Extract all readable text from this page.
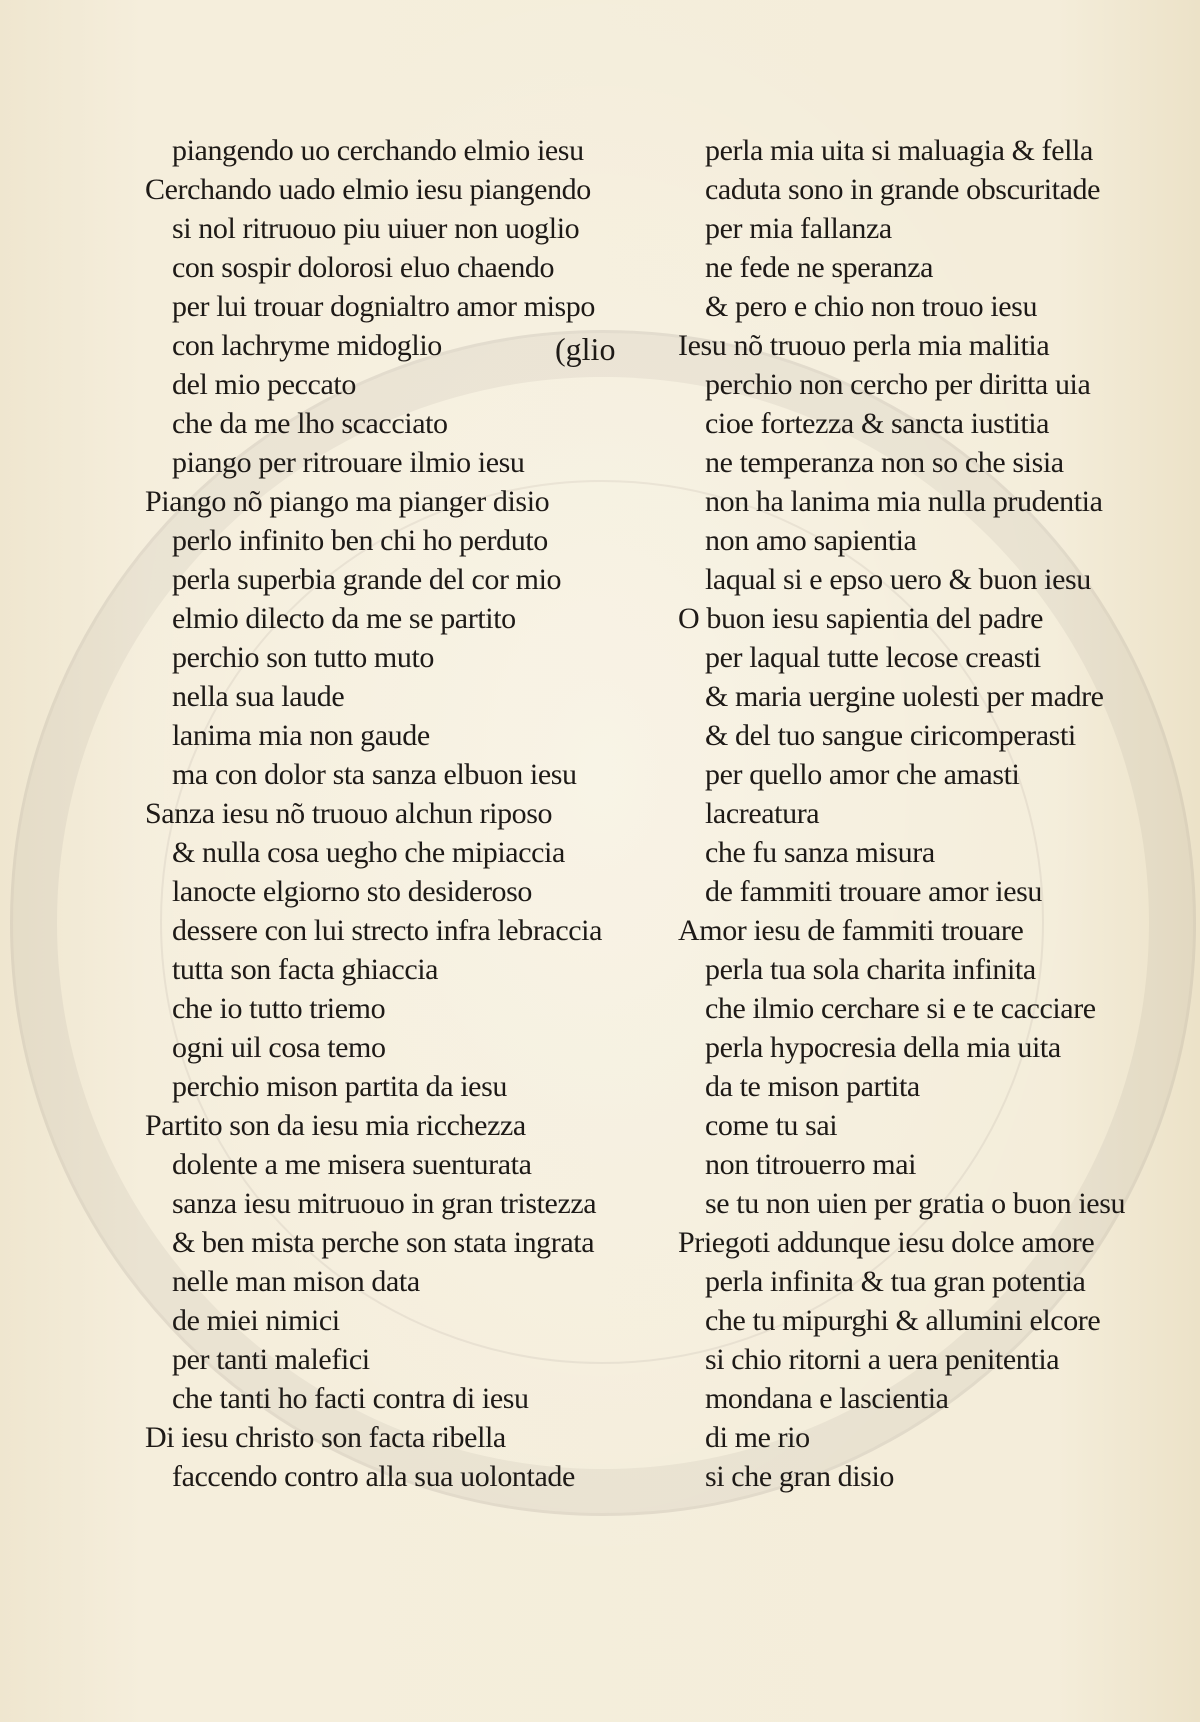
piangendo uo cerchando elmio iesu
Cerchando uado elmio iesu piangendo
si nol ritruouo piu uiuer non uoglio
con sospir dolorosi eluo chaendo
per lui trouar dognialtro amor mispo
con lachryme midoglio
del mio peccato
che da me lho scacciato
piango per ritrouare ilmio iesu
Piango nõ piango ma pianger disio
perlo infinito ben chi ho perduto
perla superbia grande del cor mio
elmio dilecto da me se partito
perchio son tutto muto
nella sua laude
lanima mia non gaude
ma con dolor sta sanza elbuon iesu
Sanza iesu nõ truouo alchun riposo
& nulla cosa uegho che mipiaccia
lanocte elgiorno sto desideroso
dessere con lui strecto infra lebraccia
tutta son facta ghiaccia
che io tutto triemo
ogni uil cosa temo
perchio mison partita da iesu
Partito son da iesu mia ricchezza
dolente a me misera suenturata
sanza iesu mitruouo in gran tristezza
& ben mista perche son stata ingrata
nelle man mison data
de miei nimici
per tanti malefici
che tanti ho facti contra di iesu
Di iesu christo son facta ribella
faccendo contro alla sua uolontade
perla mia uita si maluagia & fella
caduta sono in grande obscuritade
per mia fallanza
ne fede ne speranza
& pero e chio non trouo iesu
Iesu nõ truouo perla mia malitia
perchio non cercho per diritta uia
cioe fortezza & sancta iustitia
ne temperanza non so che sisia
non ha lanima mia nulla prudentia
non amo sapientia
laqual si e epso uero & buon iesu
O buon iesu sapientia del padre
per laqual tutte lecose creasti
& maria uergine uolesti per madre
& del tuo sangue ciricomperasti
per quello amor che amasti
lacreatura
che fu sanza misura
de fammiti trouare amor iesu
Amor iesu de fammiti trouare
perla tua sola charita infinita
che ilmio cerchare si e te cacciare
perla hypocresia della mia uita
da te mison partita
come tu sai
non titrouerro mai
se tu non uien per gratia o buon iesu
Priegoti addunque iesu dolce amore
perla infinita & tua gran potentia
che tu mipurghi & allumini elcore
si chio ritorni a uera penitentia
mondana e lascientia
di me rio
si che gran disio
(glio
